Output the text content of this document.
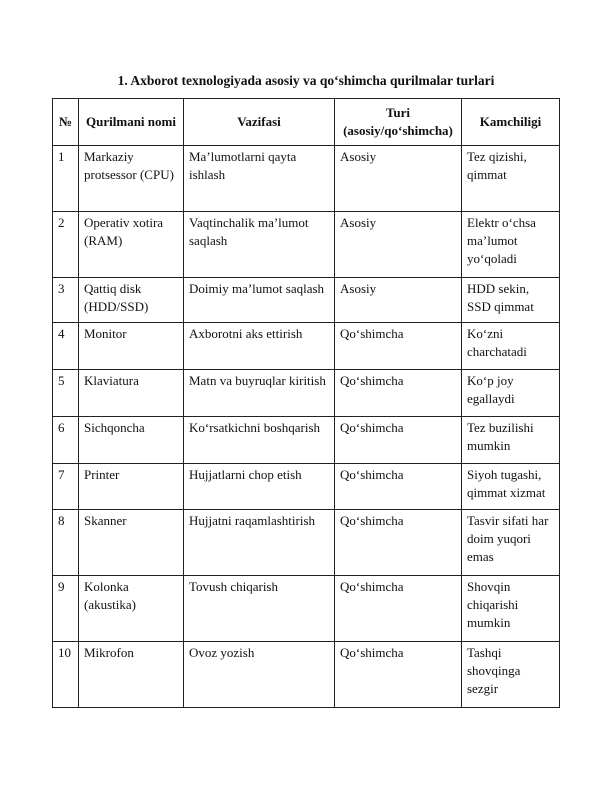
1. Axborot texnologiyada asosiy va qo‘shimcha qurilmalar turlari
№	Qurilmani nomi	Vazifasi	Turi (asosiy/qo‘shimcha)	Kamchiligi
1	Markaziy protsessor (CPU)	Ma’lumotlarni qayta ishlash	Asosiy	Tez qizishi, qimmat
2	Operativ xotira (RAM)	Vaqtinchalik ma’lumot saqlash	Asosiy	Elektr o‘chsa ma’lumot yo‘qoladi
3	Qattiq disk (HDD/SSD)	Doimiy ma’lumot saqlash	Asosiy	HDD sekin, SSD qimmat
4	Monitor	Axborotni aks ettirish	Qo‘shimcha	Ko‘zni charchatadi
5	Klaviatura	Matn va buyruqlar kiritish	Qo‘shimcha	Ko‘p joy egallaydi
6	Sichqoncha	Ko‘rsatkichni boshqarish	Qo‘shimcha	Tez buzilishi mumkin
7	Printer	Hujjatlarni chop etish	Qo‘shimcha	Siyoh tugashi, qimmat xizmat
8	Skanner	Hujjatni raqamlashtirish	Qo‘shimcha	Tasvir sifati har doim yuqori emas
9	Kolonka (akustika)	Tovush chiqarish	Qo‘shimcha	Shovqin chiqarishi mumkin
10	Mikrofon	Ovoz yozish	Qo‘shimcha	Tashqi shovqinga sezgir
